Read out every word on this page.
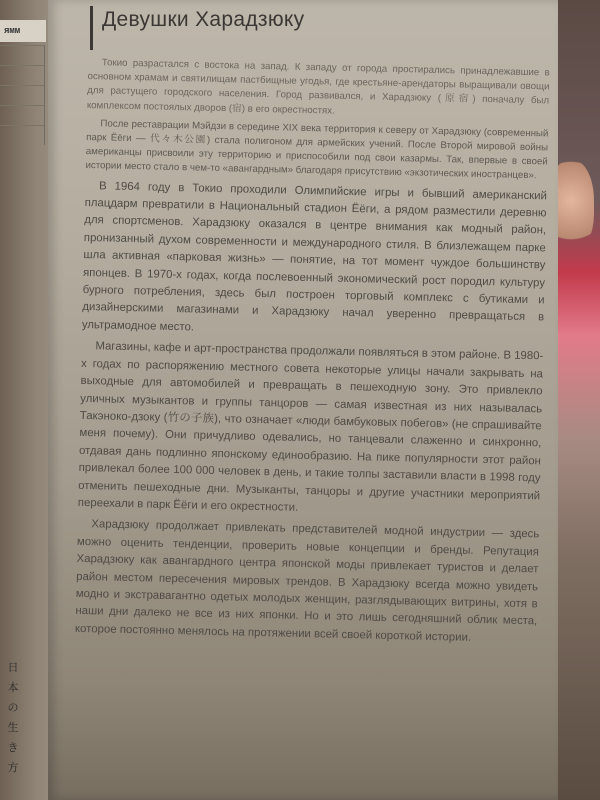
ямм
日
本
の
生
き
方
Девушки Харадзюку

Токио разрастался с востока на запад. К западу от города простирались принадлежавшие в основном храмам и святилищам пастбищные угодья, где крестьяне-арендаторы выращивали овощи для растущего городского населения. Город развивался, и Харадзюку (原宿) поначалу был комплексом постоялых дворов (宿) в его окрестностях.

После реставрации Мэйдзи в середине XIX века территория к северу от Харадзюку (современный парк Ёёги — 代々木公園) стала полигоном для армейских учений. После Второй мировой войны американцы присвоили эту территорию и приспособили под свои казармы. Так, впервые в своей истории место стало в чем-то «авангардным» благодаря присутствию «экзотических иностранцев».

В 1964 году в Токио проходили Олимпийские игры и бывший американский плацдарм превратили в Национальный стадион Ёёги, а рядом разместили деревню для спортсменов. Харадзюку оказался в центре внимания как модный район, пронизанный духом современности и международного стиля. В близлежащем парке шла активная «парковая жизнь» — понятие, на тот момент чуждое большинству японцев. В 1970-х годах, когда послевоенный экономический рост породил культуру бурного потребления, здесь был построен торговый комплекс с бутиками и дизайнерскими магазинами и Харадзюку начал уверенно превращаться в ультрамодное место.

Магазины, кафе и арт-пространства продолжали появляться в этом районе. В 1980-х годах по распоряжению местного совета некоторые улицы начали закрывать на выходные для автомобилей и превращать в пешеходную зону. Это привлекло уличных музыкантов и группы танцоров — самая известная из них называлась Такэноко-дзоку (竹の子族), что означает «люди бамбуковых побегов» (не спрашивайте меня почему). Они причудливо одевались, но танцевали слаженно и синхронно, отдавая дань подлинно японскому единообразию. На пике популярности этот район привлекал более 100 000 человек в день, и такие толпы заставили власти в 1998 году отменить пешеходные дни. Музыканты, танцоры и другие участники мероприятий переехали в парк Ёёги и его окрестности.

Харадзюку продолжает привлекать представителей модной индустрии — здесь можно оценить тенденции, проверить новые концепции и бренды. Репутация Харадзюку как авангардного центра японской моды привлекает туристов и делает район местом пересечения мировых трендов. В Харадзюку всегда можно увидеть модно и экстравагантно одетых молодых женщин, разглядывающих витрины, хотя в наши дни далеко не все из них японки. Но и это лишь сегодняшний облик места, которое постоянно менялось на протяжении всей своей короткой истории.
